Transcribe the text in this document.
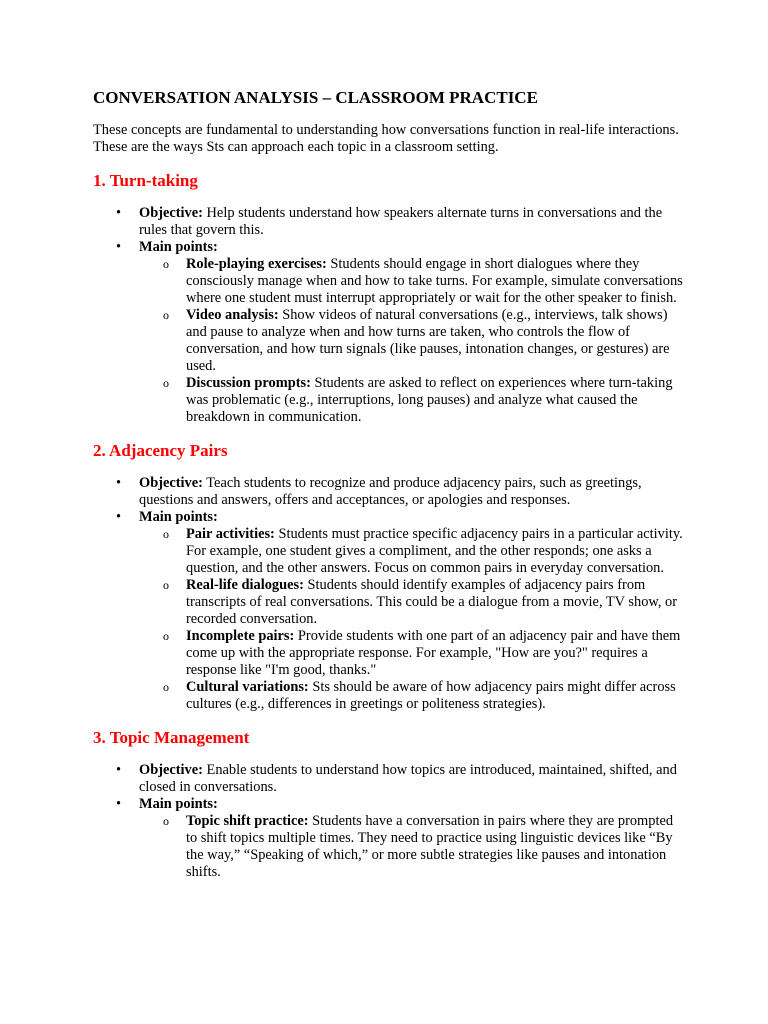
CONVERSATION ANALYSIS – CLASSROOM PRACTICE

These concepts are fundamental to understanding how conversations function in real-life interactions. These are the ways Sts can approach each topic in a classroom setting.

1. Turn-taking
• Objective: Help students understand how speakers alternate turns in conversations and the rules that govern this.
• Main points:
o Role-playing exercises: Students should engage in short dialogues where they consciously manage when and how to take turns. For example, simulate conversations where one student must interrupt appropriately or wait for the other speaker to finish.
o Video analysis: Show videos of natural conversations (e.g., interviews, talk shows) and pause to analyze when and how turns are taken, who controls the flow of conversation, and how turn signals (like pauses, intonation changes, or gestures) are used.
o Discussion prompts: Students are asked to reflect on experiences where turn-taking was problematic (e.g., interruptions, long pauses) and analyze what caused the breakdown in communication.
2. Adjacency Pairs
• Objective: Teach students to recognize and produce adjacency pairs, such as greetings, questions and answers, offers and acceptances, or apologies and responses.
• Main points:
o Pair activities: Students must practice specific adjacency pairs in a particular activity. For example, one student gives a compliment, and the other responds; one asks a question, and the other answers. Focus on common pairs in everyday conversation.
o Real-life dialogues: Students should identify examples of adjacency pairs from transcripts of real conversations. This could be a dialogue from a movie, TV show, or recorded conversation.
o Incomplete pairs: Provide students with one part of an adjacency pair and have them come up with the appropriate response. For example, "How are you?" requires a response like "I'm good, thanks."
o Cultural variations: Sts should be aware of how adjacency pairs might differ across cultures (e.g., differences in greetings or politeness strategies).
3. Topic Management
• Objective: Enable students to understand how topics are introduced, maintained, shifted, and closed in conversations.
• Main points:
o Topic shift practice: Students have a conversation in pairs where they are prompted to shift topics multiple times. They need to practice using linguistic devices like “By the way,” “Speaking of which,” or more subtle strategies like pauses and intonation shifts.
